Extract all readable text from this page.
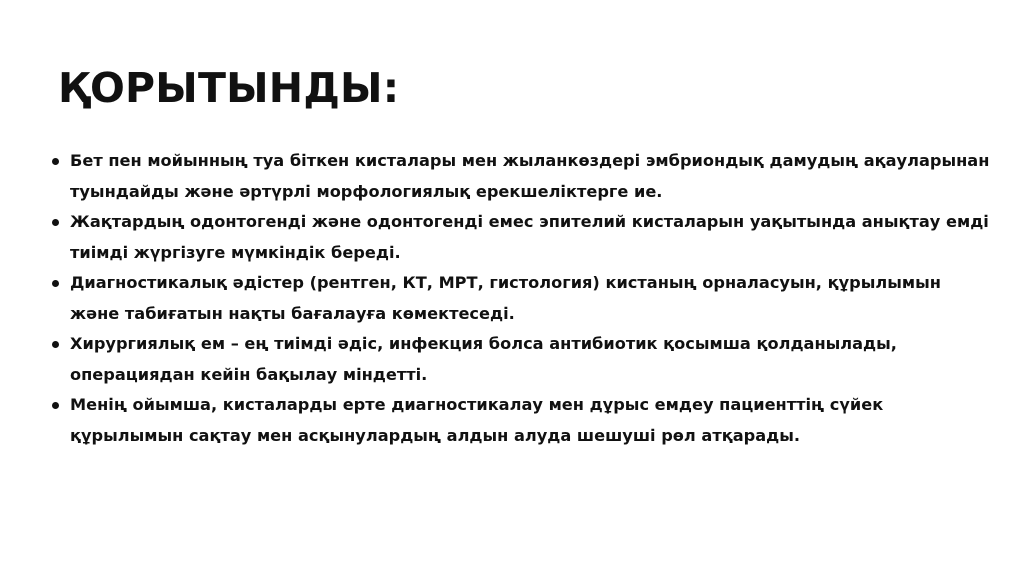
ҚОРЫТЫНДЫ:
Бет пен мойынның туа біткен кисталары мен жыланкөздері эмбриондық дамудың ақауларынан туындайды және әртүрлі морфологиялық ерекшеліктерге ие.
Жақтардың одонтогенді және одонтогенді емес эпителий кисталарын уақытында анықтау емді тиімді жүргізуге мүмкіндік береді.
Диагностикалық әдістер (рентген, КТ, МРТ, гистология) кистаның орналасуын, құрылымын және табиғатын нақты бағалауға көмектеседі.
Хирургиялық ем – ең тиімді әдіс, инфекция болса антибиотик қосымша қолданылады, операциядан кейін бақылау міндетті.
Менің ойымша, кисталарды ерте диагностикалау мен дұрыс емдеу пациенттің сүйек құрылымын сақтау мен асқынулардың алдын алуда шешуші рөл атқарады.
